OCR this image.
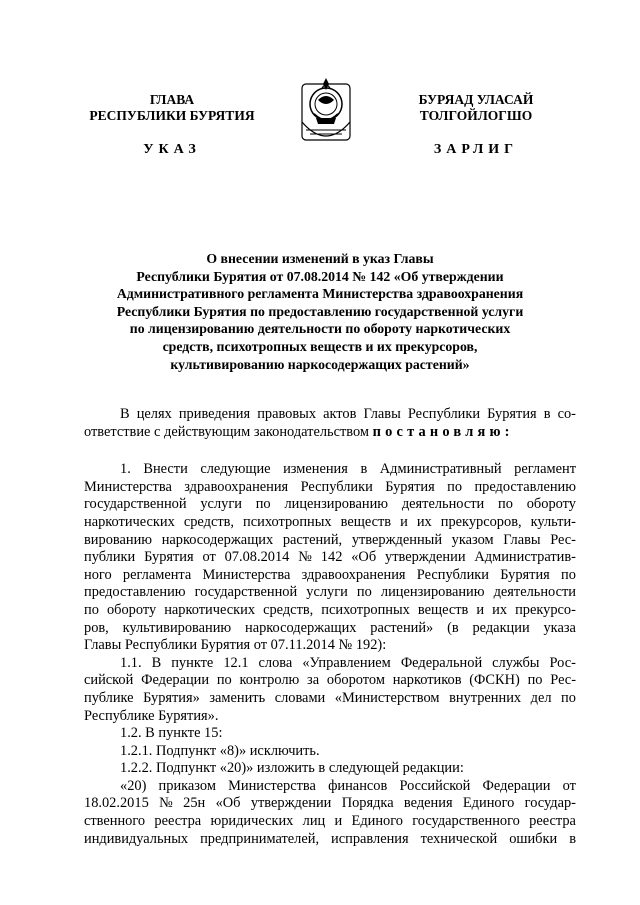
ГЛАВА
РЕСПУБЛИКИ БУРЯТИЯ
БУРЯАД УЛАСАЙ
ТОЛГОЙЛОГШО
УКАЗ	ЗАРЛИГ
О внесении изменений в указ Главы
Республики Бурятия от 07.08.2014 № 142 «Об утверждении
Административного регламента Министерства здравоохранения
Республики Бурятия по предоставлению государственной услуги
по лицензированию деятельности по обороту наркотических
средств, психотропных веществ и их прекурсоров,
культивированию наркосодержащих растений»
В целях приведения правовых актов Главы Республики Бурятия в со-
ответствие с действующим законодательством постановляю:
1. Внести следующие изменения в Административный регламент
Министерства здравоохранения Республики Бурятия по предоставлению
государственной услуги по лицензированию деятельности по обороту
наркотических средств, психотропных веществ и их прекурсоров, культи-
вированию наркосодержащих растений, утвержденный указом Главы Рес-
публики Бурятия от 07.08.2014 № 142 «Об утверждении Административ-
ного регламента Министерства здравоохранения Республики Бурятия по
предоставлению государственной услуги по лицензированию деятельности
по обороту наркотических средств, психотропных веществ и их прекурсо-
ров, культивированию наркосодержащих растений» (в редакции указа
Главы Республики Бурятия от 07.11.2014 № 192):
1.1. В пункте 12.1 слова «Управлением Федеральной службы Рос-
сийской Федерации по контролю за оборотом наркотиков (ФСКН) по Рес-
публике Бурятия» заменить словами «Министерством внутренних дел по
Республике Бурятия».
1.2. В пункте 15:
1.2.1. Подпункт «8)» исключить.
1.2.2. Подпункт «20)» изложить в следующей редакции:
«20) приказом Министерства финансов Российской Федерации от
18.02.2015 № 25н «Об утверждении Порядка ведения Единого государ-
ственного реестра юридических лиц и Единого государственного реестра
индивидуальных предпринимателей, исправления технической ошибки в
